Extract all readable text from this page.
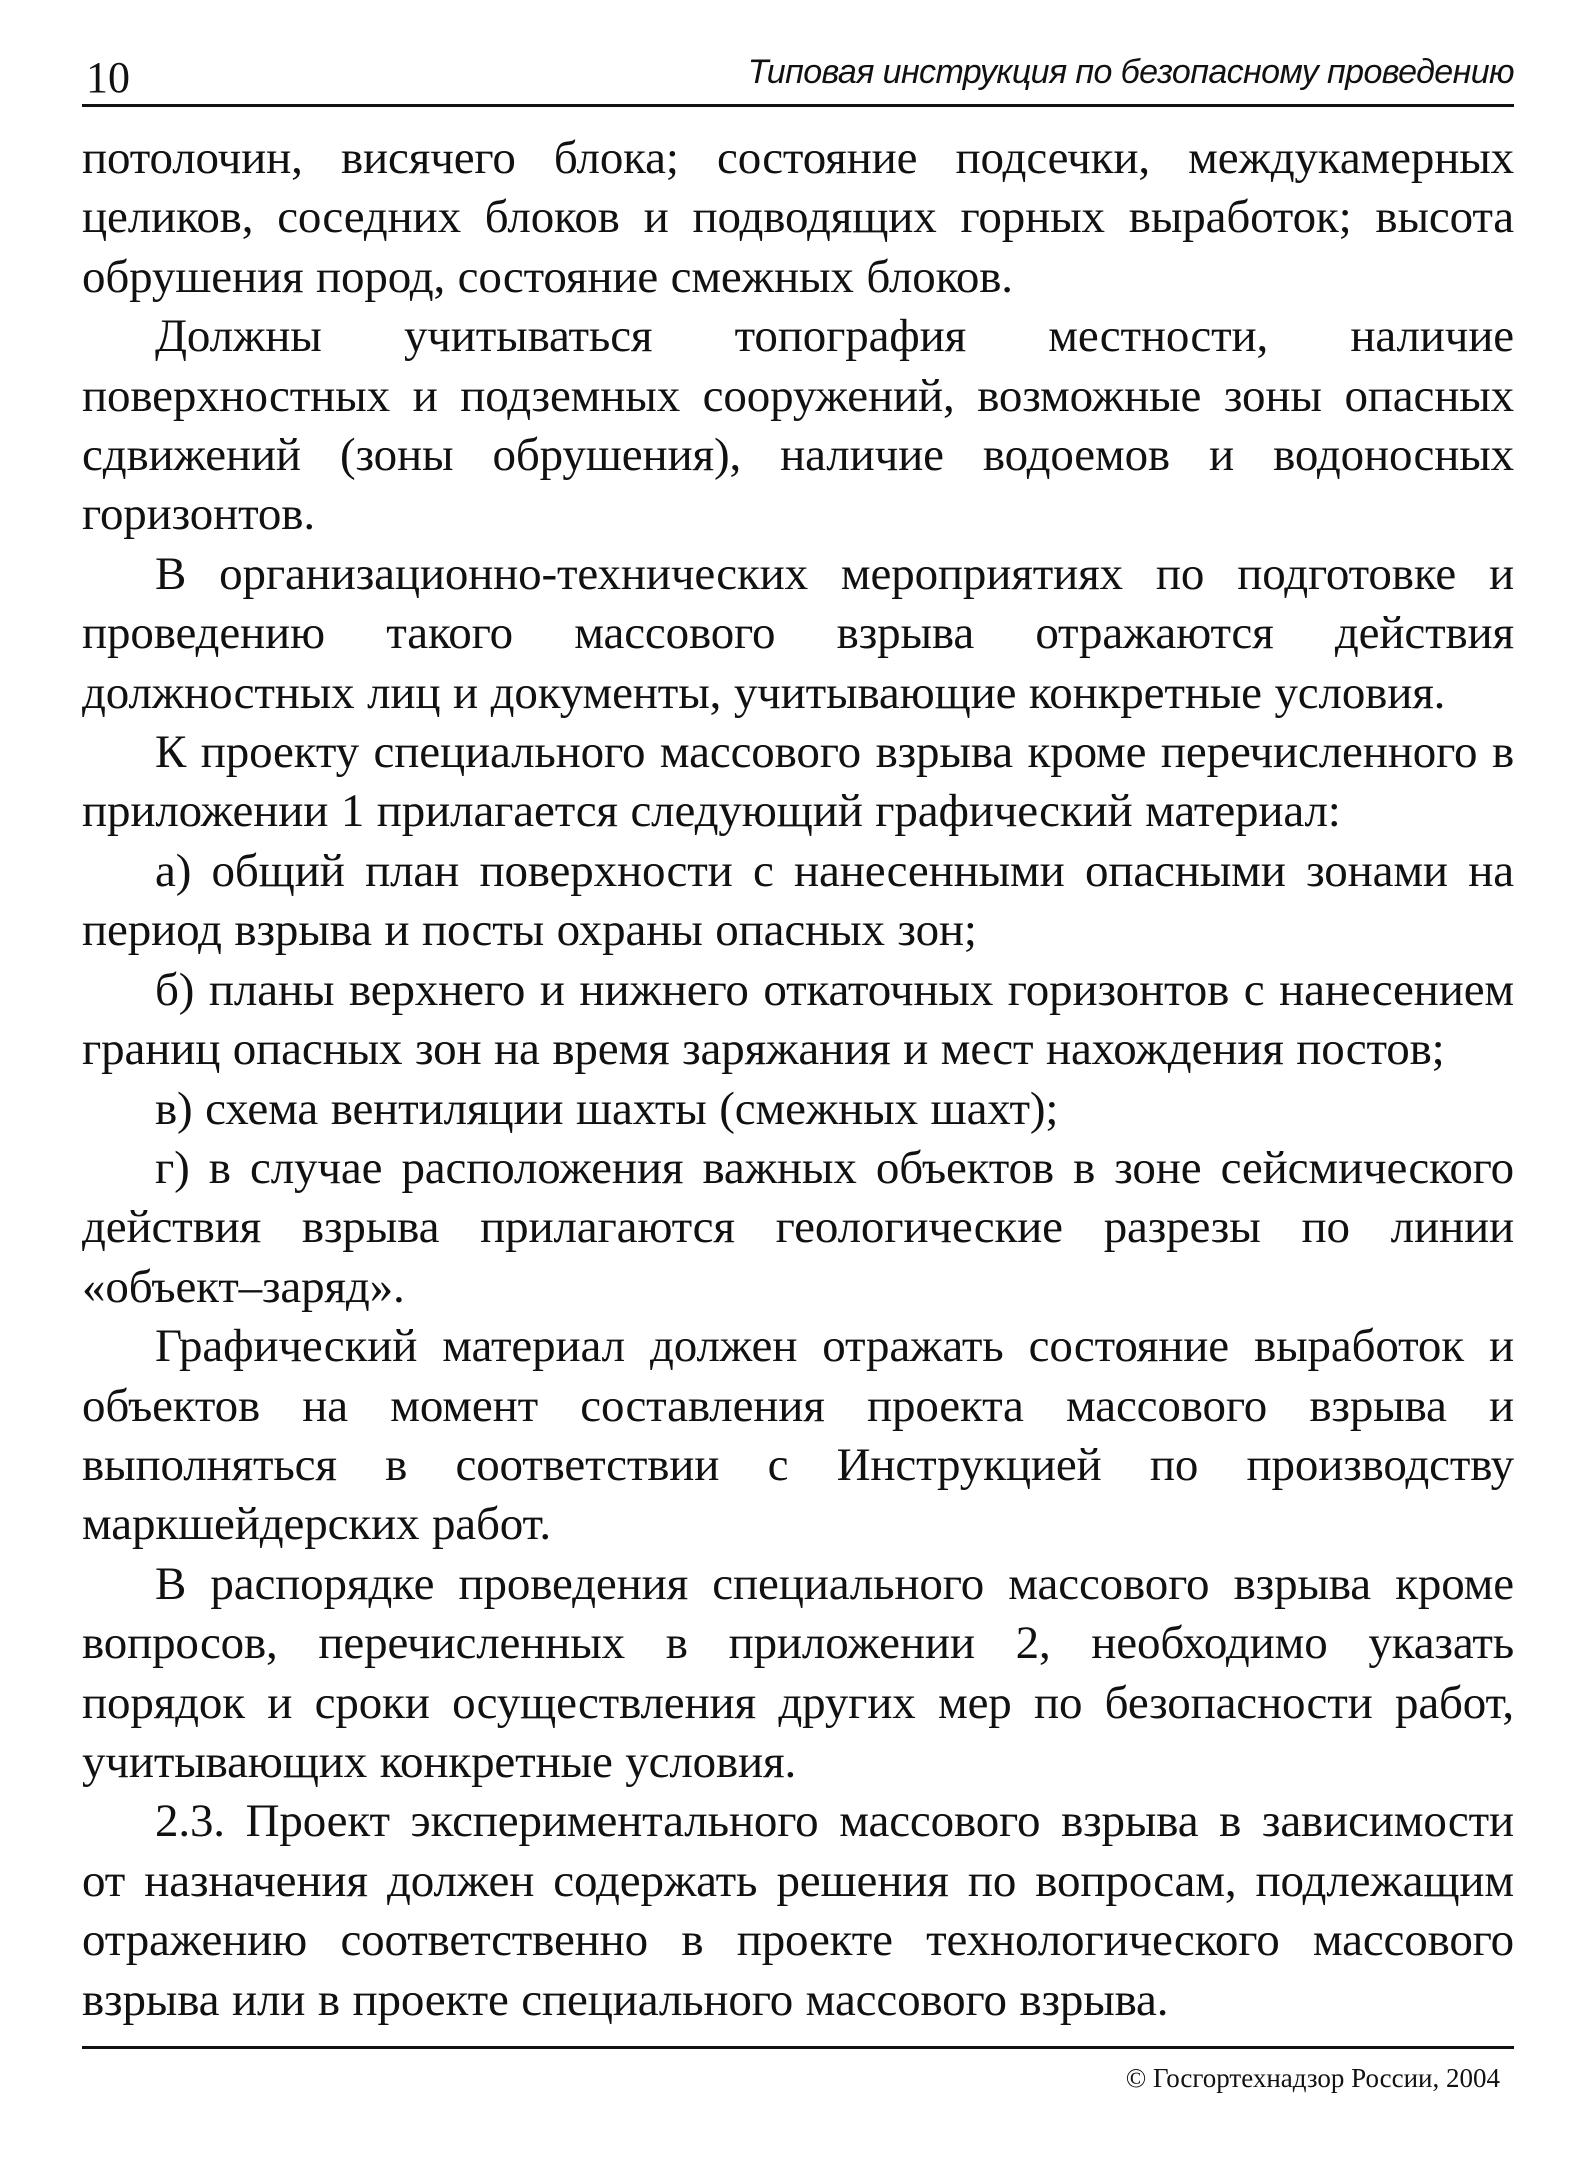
10	Типовая инструкция по безопасному проведению

потолочин, висячего блока; состояние подсечки, междукамерных целиков, соседних блоков и подводящих горных выработок; высота обрушения пород, состояние смежных блоков.

Должны учитываться топография местности, наличие поверхностных и подземных сооружений, возможные зоны опасных сдвижений (зоны обрушения), наличие водоемов и водоносных горизонтов.

В организационно-технических мероприятиях по подготовке и проведению такого массового взрыва отражаются действия должностных лиц и документы, учитывающие конкретные условия.

К проекту специального массового взрыва кроме перечисленного в приложении 1 прилагается следующий графический материал:

а) общий план поверхности с нанесенными опасными зонами на период взрыва и посты охраны опасных зон;

б) планы верхнего и нижнего откаточных горизонтов с нанесением границ опасных зон на время заряжания и мест нахождения постов;

в) схема вентиляции шахты (смежных шахт);

г) в случае расположения важных объектов в зоне сейсмического действия взрыва прилагаются геологические разрезы по линии «объект–заряд».

Графический материал должен отражать состояние выработок и объектов на момент составления проекта массового взрыва и выполняться в соответствии с Инструкцией по производству маркшейдерских работ.

В распорядке проведения специального массового взрыва кроме вопросов, перечисленных в приложении 2, необходимо указать порядок и сроки осуществления других мер по безопасности работ, учитывающих конкретные условия.

2.3. Проект экспериментального массового взрыва в зависимости от назначения должен содержать решения по вопросам, подлежащим отражению соответственно в проекте технологического массового взрыва или в проекте специального массового взрыва.

© Госгортехнадзор России, 2004
